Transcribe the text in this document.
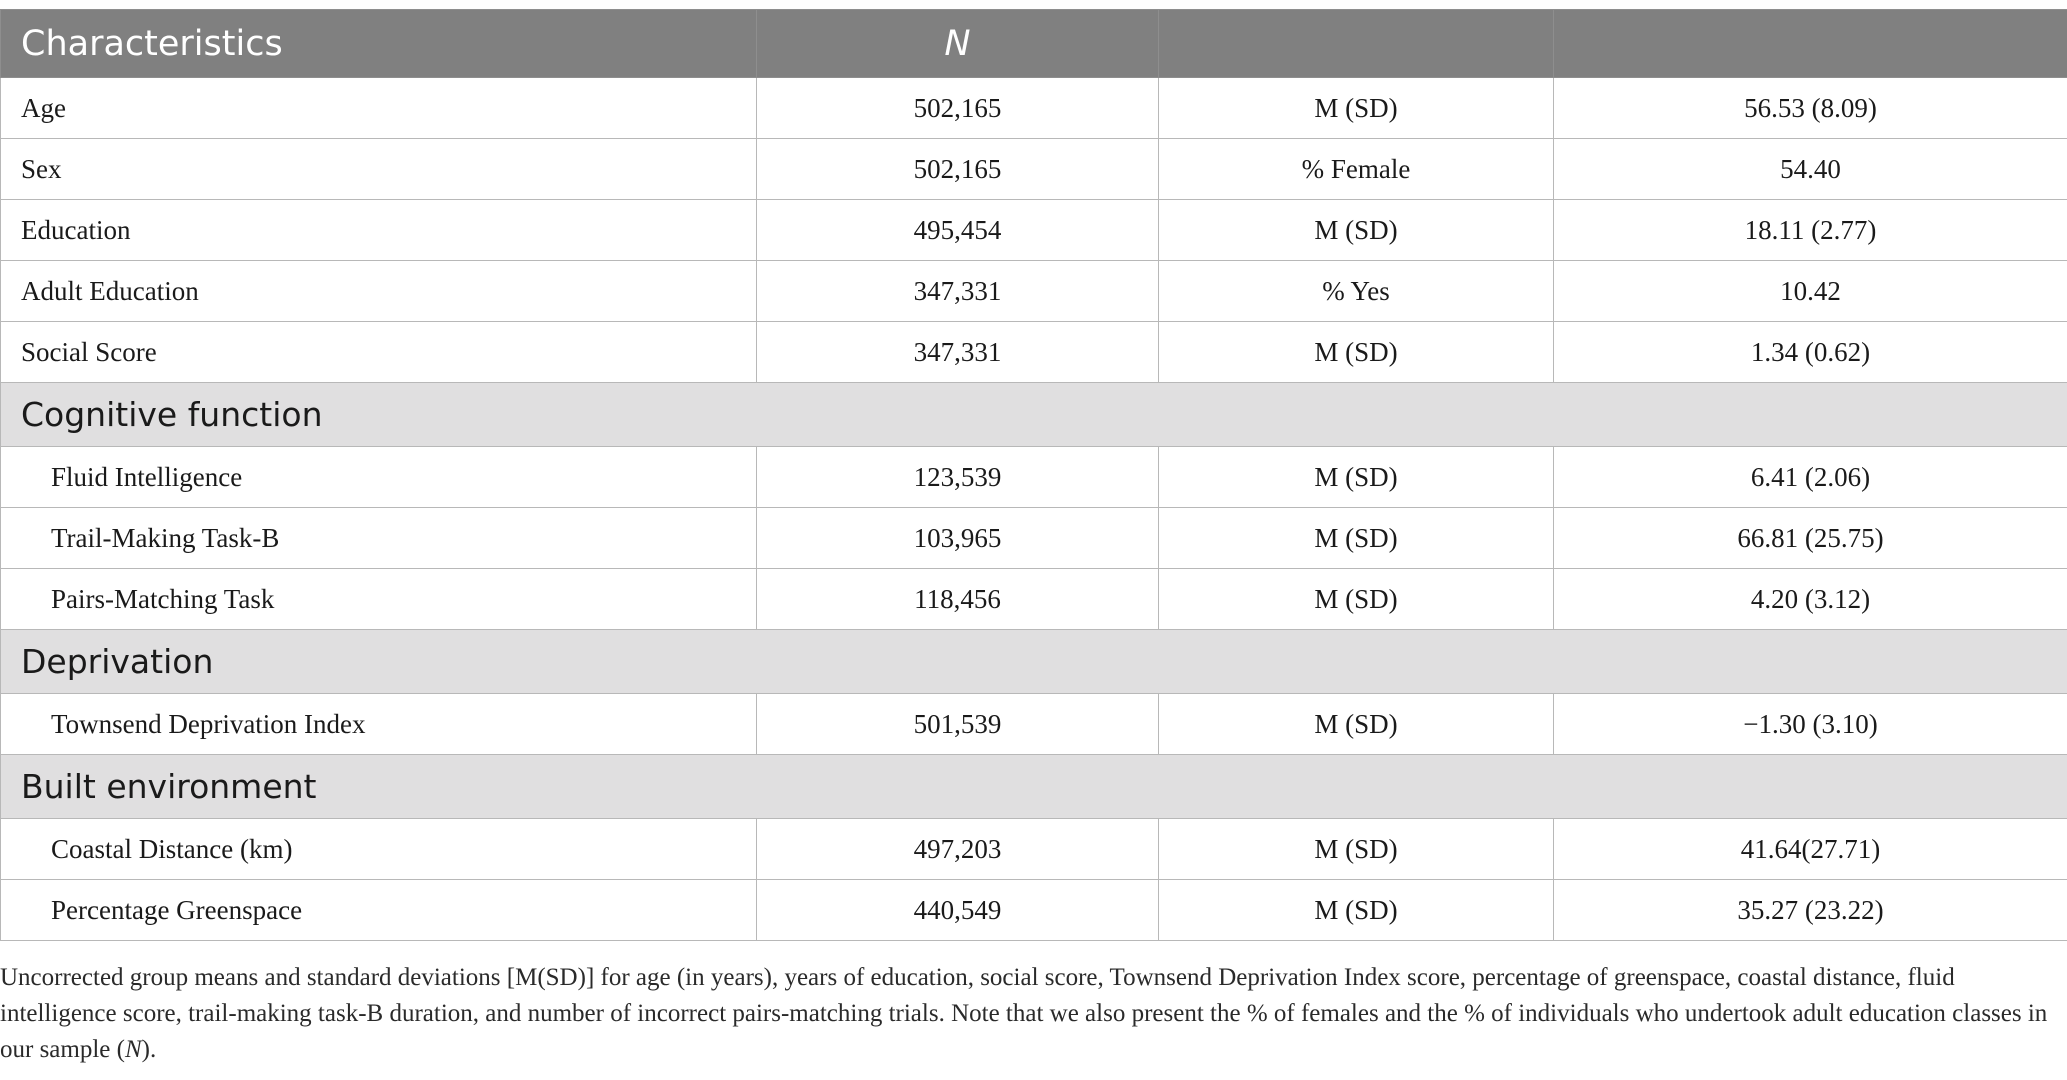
Characteristics	N		
Age	502,165	M (SD)	56.53 (8.09)
Sex	502,165	% Female	54.40
Education	495,454	M (SD)	18.11 (2.77)
Adult Education	347,331	% Yes	10.42
Social Score	347,331	M (SD)	1.34 (0.62)
Cognitive function			
Fluid Intelligence	123,539	M (SD)	6.41 (2.06)
Trail-Making Task-B	103,965	M (SD)	66.81 (25.75)
Pairs-Matching Task	118,456	M (SD)	4.20 (3.12)
Deprivation			
Townsend Deprivation Index	501,539	M (SD)	−1.30 (3.10)
Built environment			
Coastal Distance (km)	497,203	M (SD)	41.64(27.71)
Percentage Greenspace	440,549	M (SD)	35.27 (23.22)

Uncorrected group means and standard deviations [M(SD)] for age (in years), years of education, social score, Townsend Deprivation Index score, percentage of greenspace, coastal distance, fluid intelligence score, trail-making task-B duration, and number of incorrect pairs-matching trials. Note that we also present the % of females and the % of individuals who undertook adult education classes in our sample (N).
